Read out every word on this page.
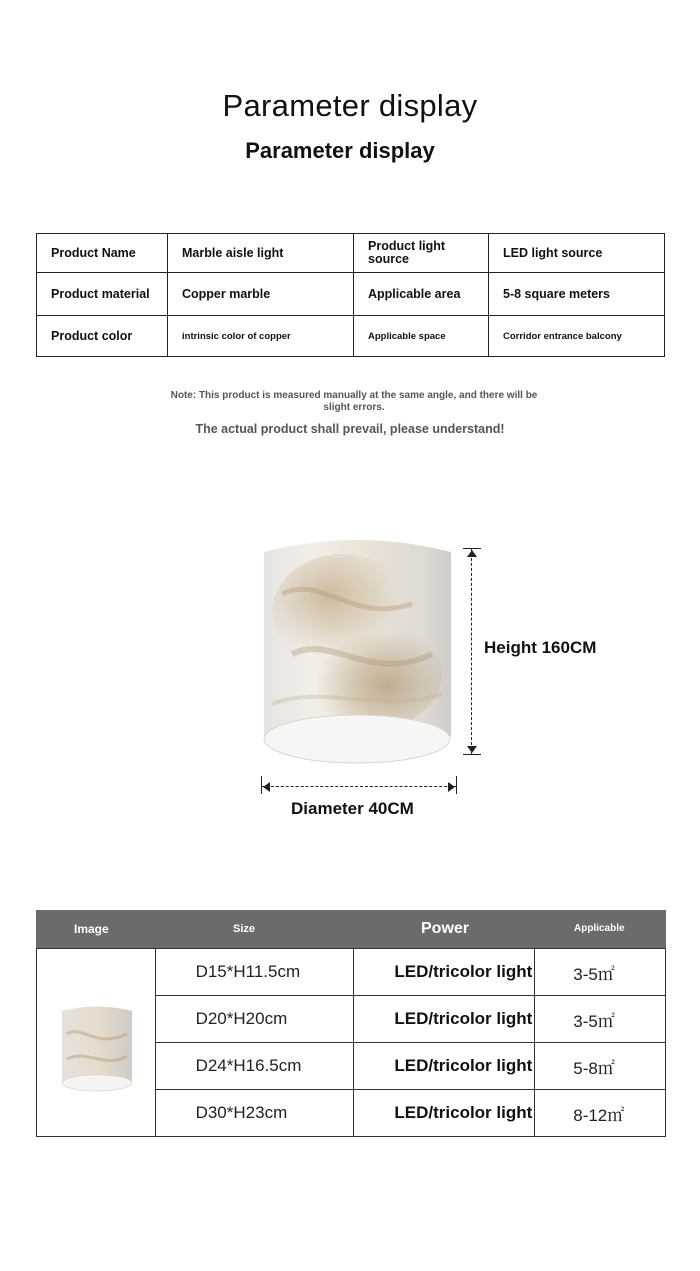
Parameter display
Parameter display
Product Name	Marble aisle light	Product light source	LED light source
Product material	Copper marble	Applicable area	5-8 square meters
Product color	intrinsic color of copper	Applicable space	Corridor entrance balcony
Note: This product is measured manually at the same angle, and there will be slight errors.
The actual product shall prevail, please understand!
Height 160CM
Diameter 40CM
Image	Size	Power	Applicable
	D15*H11.5cm	LED/tricolor light	3-5㎡
	D20*H20cm	LED/tricolor light	3-5㎡
	D24*H16.5cm	LED/tricolor light	5-8㎡
	D30*H23cm	LED/tricolor light	8-12㎡
